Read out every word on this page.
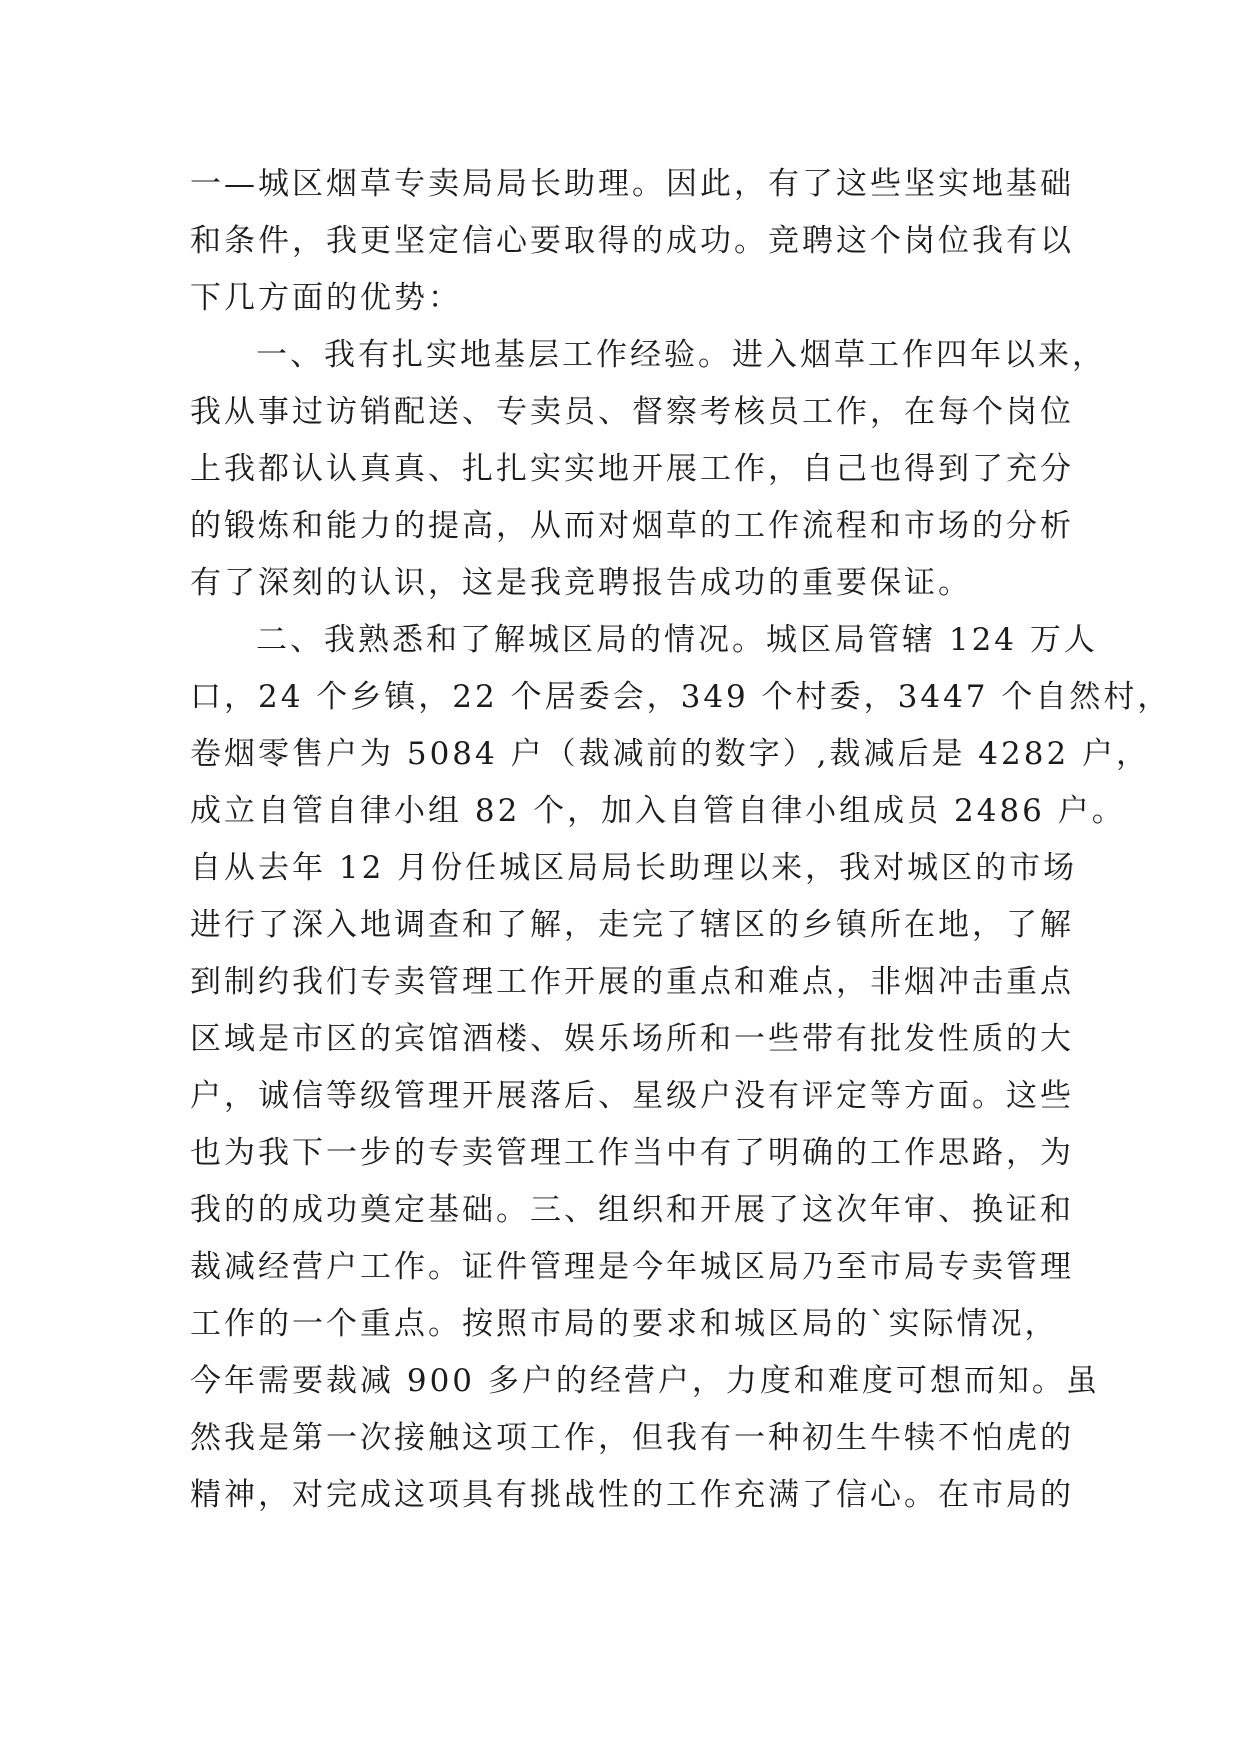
一—城区烟草专卖局局长助理。因此，有了这些坚实地基础
和条件，我更坚定信心要取得的成功。竞聘这个岗位我有以
下几方面的优势：
一、我有扎实地基层工作经验。进入烟草工作四年以来，
我从事过访销配送、专卖员、督察考核员工作，在每个岗位
上我都认认真真、扎扎实实地开展工作，自己也得到了充分
的锻炼和能力的提高，从而对烟草的工作流程和市场的分析
有了深刻的认识，这是我竞聘报告成功的重要保证。
二、我熟悉和了解城区局的情况。城区局管辖 124 万人
口，24 个乡镇，22 个居委会，349 个村委，3447 个自然村，
卷烟零售户为 5084 户（裁减前的数字）,裁减后是 4282 户，
成立自管自律小组 82 个，加入自管自律小组成员 2486 户。
自从去年 12 月份任城区局局长助理以来，我对城区的市场
进行了深入地调查和了解，走完了辖区的乡镇所在地，了解
到制约我们专卖管理工作开展的重点和难点，非烟冲击重点
区域是市区的宾馆酒楼、娱乐场所和一些带有批发性质的大
户，诚信等级管理开展落后、星级户没有评定等方面。这些
也为我下一步的专卖管理工作当中有了明确的工作思路，为
我的的成功奠定基础。三、组织和开展了这次年审、换证和
裁减经营户工作。证件管理是今年城区局乃至市局专卖管理
工作的一个重点。按照市局的要求和城区局的`实际情况，
今年需要裁减 900 多户的经营户，力度和难度可想而知。虽
然我是第一次接触这项工作，但我有一种初生牛犊不怕虎的
精神，对完成这项具有挑战性的工作充满了信心。在市局的
